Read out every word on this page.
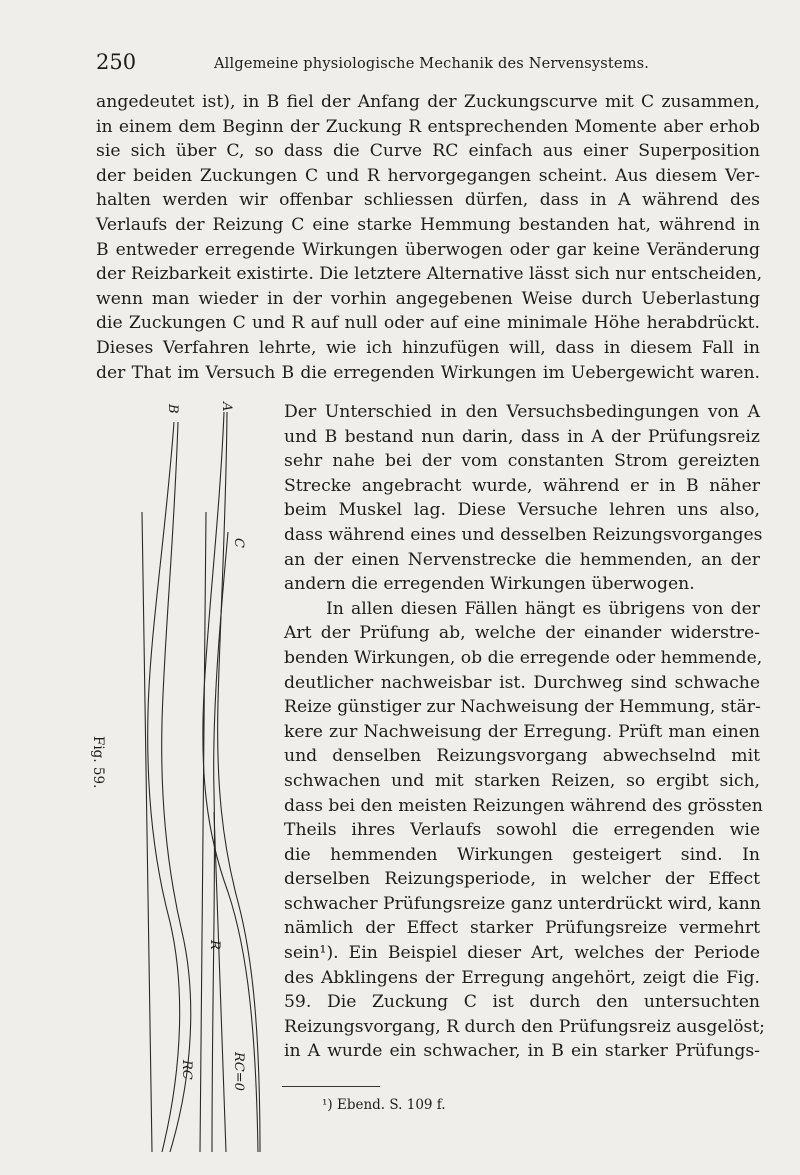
250	Allgemeine physiologische Mechanik des Nervensystems.
angedeutet ist), in B fiel der Anfang der Zuckungscurve mit C zusammen,
in einem dem Beginn der Zuckung R entsprechenden Momente aber erhob
sie sich über C, so dass die Curve RC einfach aus einer Superposition
der beiden Zuckungen C und R hervorgegangen scheint. Aus diesem Ver-
halten werden wir offenbar schliessen dürfen, dass in A während des
Verlaufs der Reizung C eine starke Hemmung bestanden hat, während in
B entweder erregende Wirkungen überwogen oder gar keine Veränderung
der Reizbarkeit existirte. Die letztere Alternative lässt sich nur entscheiden,
wenn man wieder in der vorhin angegebenen Weise durch Ueberlastung
die Zuckungen C und R auf null oder auf eine minimale Höhe herabdrückt.
Dieses Verfahren lehrte, wie ich hinzufügen will, dass in diesem Fall in
der That im Versuch B die erregenden Wirkungen im Uebergewicht waren.
B	A
C
R
RC	RC=0
Fig. 59.
Der Unterschied in den Versuchsbedingungen von A
und B bestand nun darin, dass in A der Prüfungsreiz
sehr nahe bei der vom constanten Strom gereizten
Strecke angebracht wurde, während er in B näher
beim Muskel lag. Diese Versuche lehren uns also,
dass während eines und desselben Reizungsvorganges
an der einen Nervenstrecke die hemmenden, an der
andern die erregenden Wirkungen überwogen.
In allen diesen Fällen hängt es übrigens von der
Art der Prüfung ab, welche der einander widerstre-
benden Wirkungen, ob die erregende oder hemmende,
deutlicher nachweisbar ist. Durchweg sind schwache
Reize günstiger zur Nachweisung der Hemmung, stär-
kere zur Nachweisung der Erregung. Prüft man einen
und denselben Reizungsvorgang abwechselnd mit
schwachen und mit starken Reizen, so ergibt sich,
dass bei den meisten Reizungen während des grössten
Theils ihres Verlaufs sowohl die erregenden wie
die hemmenden Wirkungen gesteigert sind. In
derselben Reizungsperiode, in welcher der Effect
schwacher Prüfungsreize ganz unterdrückt wird, kann
nämlich der Effect starker Prüfungsreize vermehrt
sein¹). Ein Beispiel dieser Art, welches der Periode
des Abklingens der Erregung angehört, zeigt die Fig.
59. Die Zuckung C ist durch den untersuchten
Reizungsvorgang, R durch den Prüfungsreiz ausgelöst;
in A wurde ein schwacher, in B ein starker Prüfungs-
¹) Ebend. S. 109 f.
